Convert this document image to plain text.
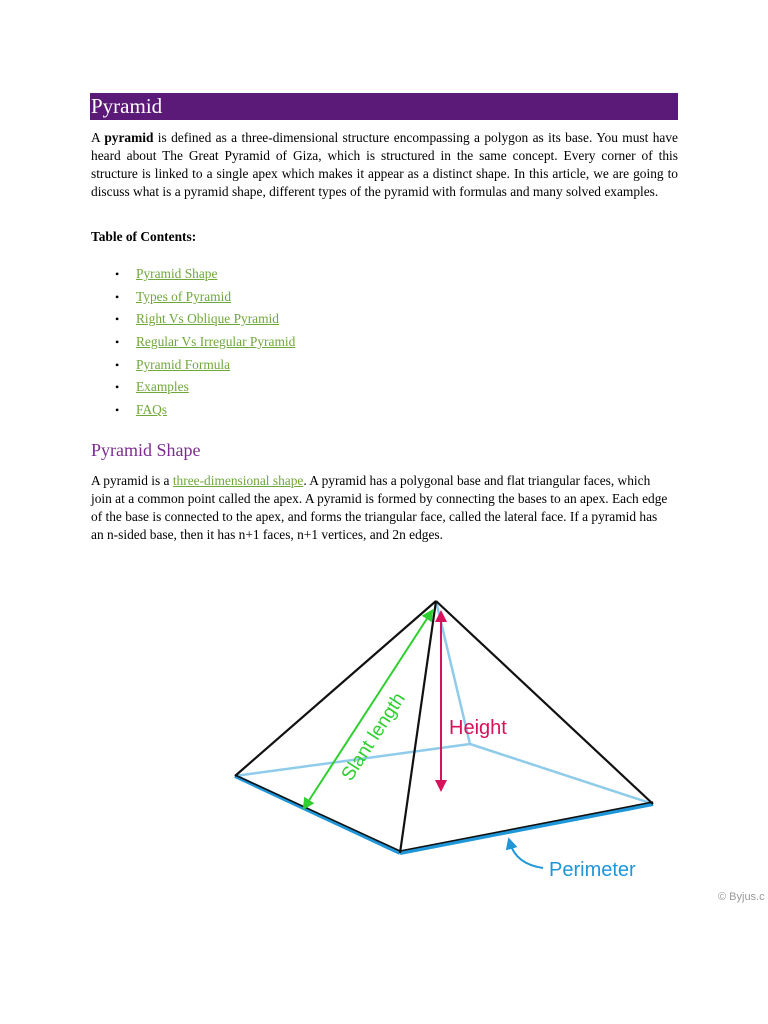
Pyramid

A pyramid is defined as a three-dimensional structure encompassing a polygon as its base. You must have heard about The Great Pyramid of Giza, which is structured in the same concept. Every corner of this structure is linked to a single apex which makes it appear as a distinct shape. In this article, we are going to discuss what is a pyramid shape, different types of the pyramid with formulas and many solved examples.

Table of Contents:

• Pyramid Shape
• Types of Pyramid
• Right Vs Oblique Pyramid
• Regular Vs Irregular Pyramid
• Pyramid Formula
• Examples
• FAQs
Pyramid Shape

A pyramid is a three-dimensional shape. A pyramid has a polygonal base and flat triangular faces, which join at a common point called the apex. A pyramid is formed by connecting the bases to an apex. Each edge of the base is connected to the apex, and forms the triangular face, called the lateral face. If a pyramid has an n-sided base, then it has n+1 faces, n+1 vertices, and 2n edges.

Height
Slant length
Perimeter
© Byjus.c
